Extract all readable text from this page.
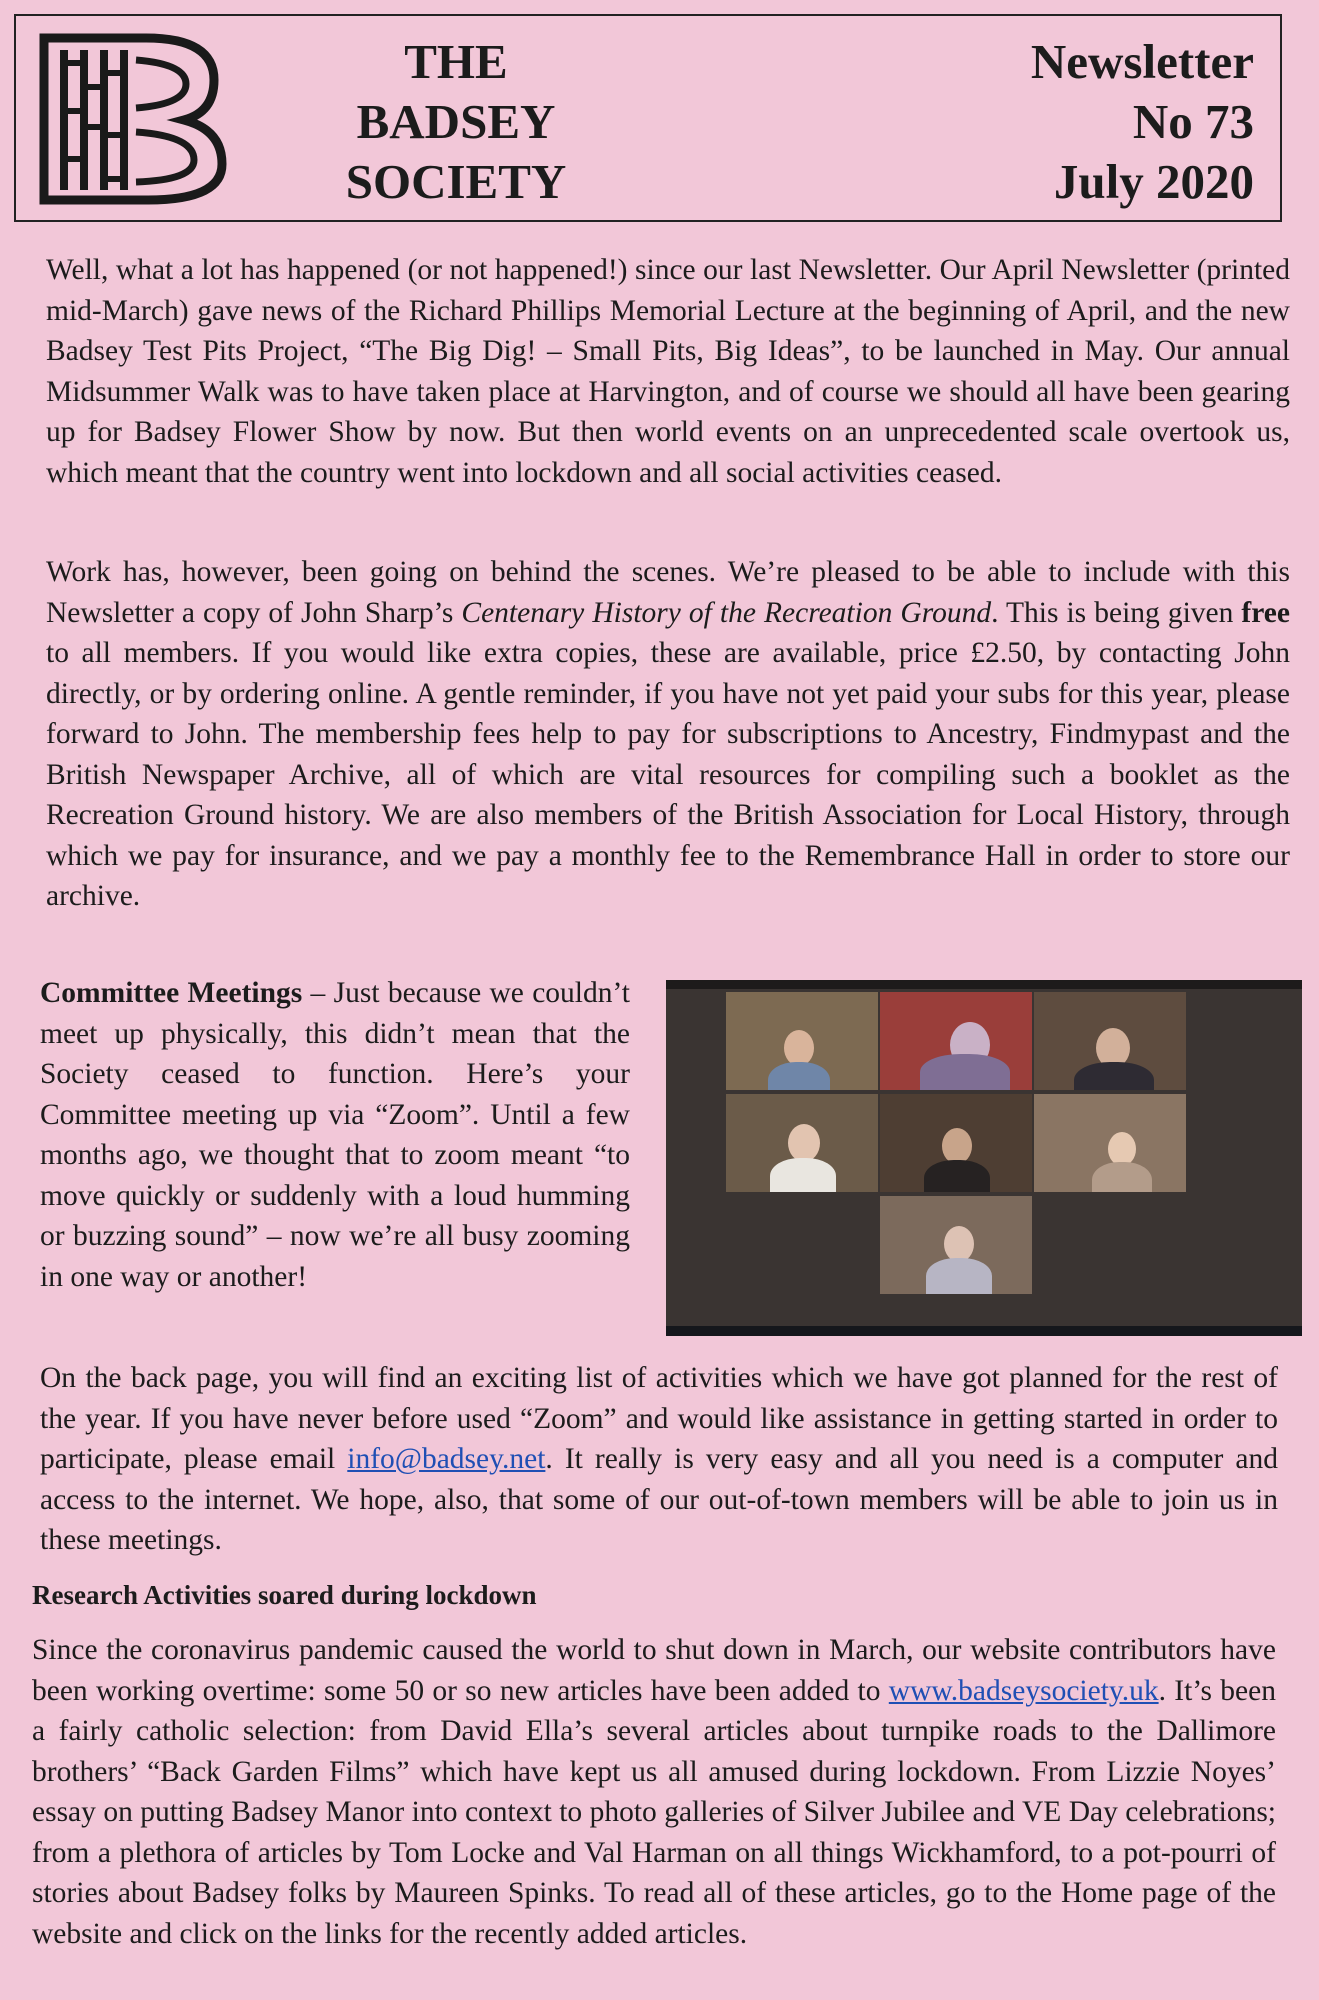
THE
BADSEY
SOCIETY
Newsletter
No 73
July 2020

Well, what a lot has happened (or not happened!) since our last Newsletter. Our April Newsletter (printed mid-March) gave news of the Richard Phillips Memorial Lecture at the beginning of April, and the new Badsey Test Pits Project, “The Big Dig! – Small Pits, Big Ideas”, to be launched in May. Our annual Midsummer Walk was to have taken place at Harvington, and of course we should all have been gearing up for Badsey Flower Show by now. But then world events on an unprecedented scale overtook us, which meant that the country went into lockdown and all social activities ceased.

Work has, however, been going on behind the scenes. We’re pleased to be able to include with this Newsletter a copy of John Sharp’s Centenary History of the Recreation Ground. This is being given free to all members. If you would like extra copies, these are available, price £2.50, by contacting John directly, or by ordering online. A gentle reminder, if you have not yet paid your subs for this year, please forward to John. The membership fees help to pay for subscriptions to Ancestry, Findmypast and the British Newspaper Archive, all of which are vital resources for compiling such a booklet as the Recreation Ground history. We are also members of the British Association for Local History, through which we pay for insurance, and we pay a monthly fee to the Remembrance Hall in order to store our archive.

Committee Meetings – Just because we couldn’t meet up physically, this didn’t mean that the Society ceased to function. Here’s your Committee meeting up via “Zoom”. Until a few months ago, we thought that to zoom meant “to move quickly or suddenly with a loud humming or buzzing sound” – now we’re all busy zooming in one way or another!

On the back page, you will find an exciting list of activities which we have got planned for the rest of the year. If you have never before used “Zoom” and would like assistance in getting started in order to participate, please email info@badsey.net. It really is very easy and all you need is a computer and access to the internet. We hope, also, that some of our out-of-town members will be able to join us in these meetings.

Research Activities soared during lockdown

Since the coronavirus pandemic caused the world to shut down in March, our website contributors have been working overtime: some 50 or so new articles have been added to www.badseysociety.uk. It’s been a fairly catholic selection: from David Ella’s several articles about turnpike roads to the Dallimore brothers’ “Back Garden Films” which have kept us all amused during lockdown. From Lizzie Noyes’ essay on putting Badsey Manor into context to photo galleries of Silver Jubilee and VE Day celebrations; from a plethora of articles by Tom Locke and Val Harman on all things Wickhamford, to a pot-pourri of stories about Badsey folks by Maureen Spinks. To read all of these articles, go to the Home page of the website and click on the links for the recently added articles.
